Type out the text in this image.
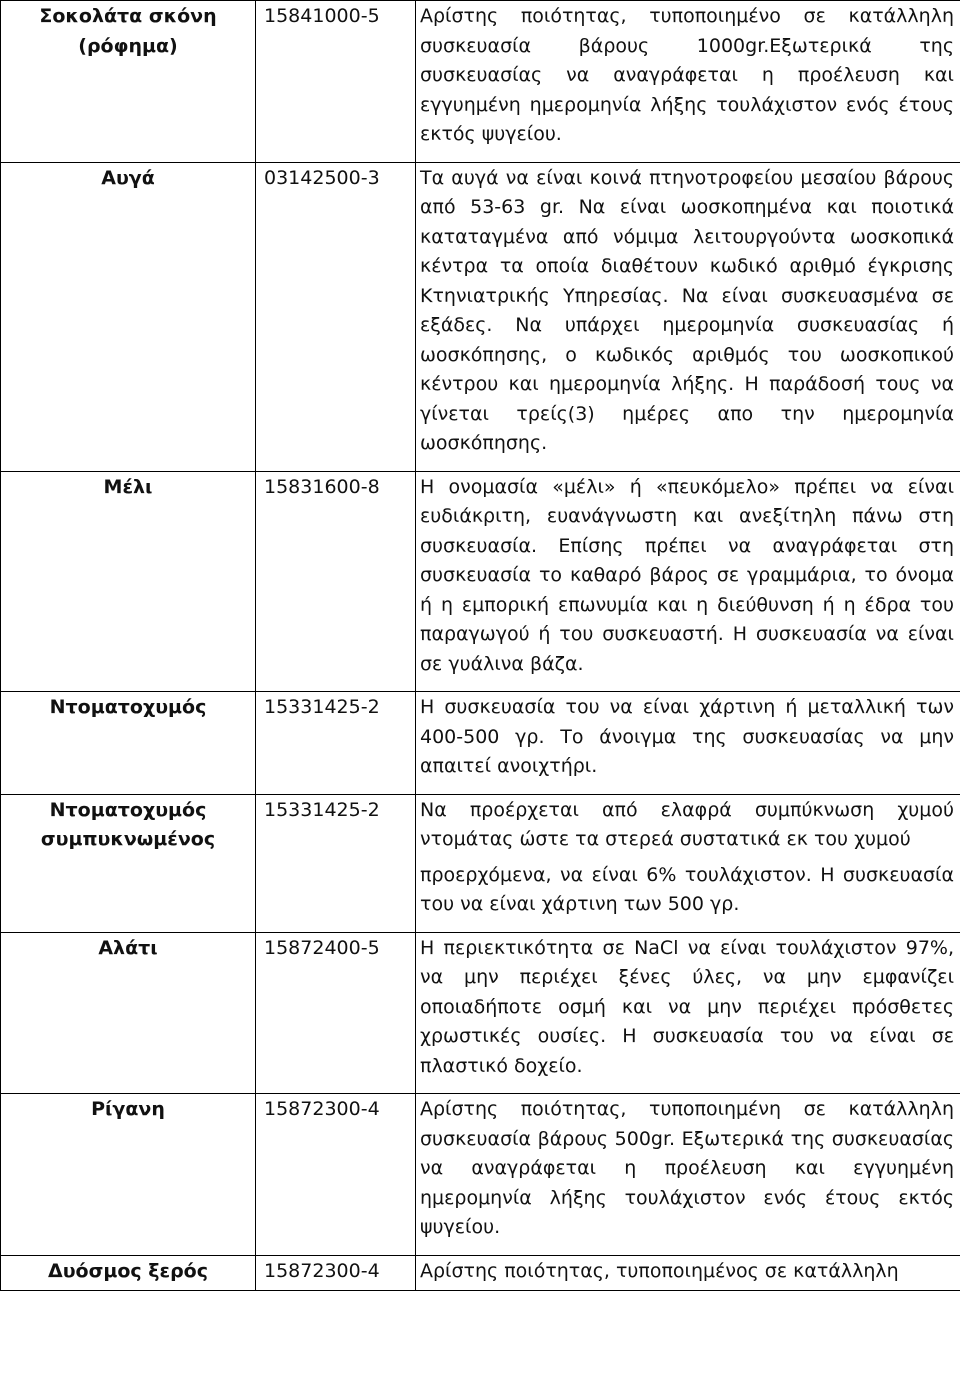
Σοκολάτα σκόνη (ρόφημα)	15841000-5	Αρίστης ποιότητας, τυποποιημένο σε κατάλληλη συσκευασία βάρους 1000gr.Εξωτερικά της συσκευασίας να αναγράφεται η προέλευση και εγγυημένη ημερομηνία λήξης τουλάχιστον ενός έτους εκτός ψυγείου.

Αυγά	03142500-3	Τα αυγά να είναι κοινά πτηνοτροφείου μεσαίου βάρους από 53-63 gr. Να είναι ωοσκοπημένα και ποιοτικά καταταγμένα από νόμιμα λειτουργούντα ωοσκοπικά κέντρα τα οποία διαθέτουν κωδικό αριθμό έγκρισης Κτηνιατρικής Υπηρεσίας. Να είναι συσκευασμένα σε εξάδες. Να υπάρχει ημερομηνία συσκευασίας ή ωοσκόπησης, ο κωδικός αριθμός του ωοσκοπικού κέντρου και ημερομηνία λήξης. Η παράδοσή τους να γίνεται τρείς(3) ημέρες απο την ημερομηνία ωοσκόπησης.

Μέλι	15831600-8	Η ονομασία «μέλι» ή «πευκόμελο» πρέπει να είναι ευδιάκριτη, ευανάγνωστη και ανεξίτηλη πάνω στη συσκευασία. Επίσης πρέπει να αναγράφεται στη συσκευασία το καθαρό βάρος σε γραμμάρια, το όνομα ή η εμπορική επωνυμία και η διεύθυνση ή η έδρα του παραγωγού ή του συσκευαστή. Η συσκευασία να είναι σε γυάλινα βάζα.

Ντοματοχυμός	15331425-2	Η συσκευασία του να είναι χάρτινη ή μεταλλική των 400-500 γρ. Το άνοιγμα της συσκευασίας να μην απαιτεί ανοιχτήρι.

Ντοματοχυμός συμπυκνωμένος	15331425-2	Να προέρχεται από ελαφρά συμπύκνωση χυμού ντομάτας ώστε τα στερεά συστατικά εκ του χυμού
προερχόμενα, να είναι 6% τουλάχιστον. Η συσκευασία του να είναι χάρτινη των 500 γρ.

Αλάτι	15872400-5	Η περιεκτικότητα σε NaCl να είναι τουλάχιστον 97%, να μην περιέχει ξένες ύλες, να μην εμφανίζει οποιαδήποτε οσμή και να μην περιέχει πρόσθετες χρωστικές ουσίες. Η συσκευασία του να είναι σε πλαστικό δοχείο.

Ρίγανη	15872300-4	Αρίστης ποιότητας, τυποποιημένη σε κατάλληλη συσκευασία βάρους 500gr. Εξωτερικά της συσκευασίας να αναγράφεται η προέλευση και εγγυημένη ημερομηνία λήξης τουλάχιστον ενός έτους εκτός ψυγείου.

Δυόσμος ξερός	15872300-4	Αρίστης ποιότητας, τυποποιημένος σε κατάλληλη
